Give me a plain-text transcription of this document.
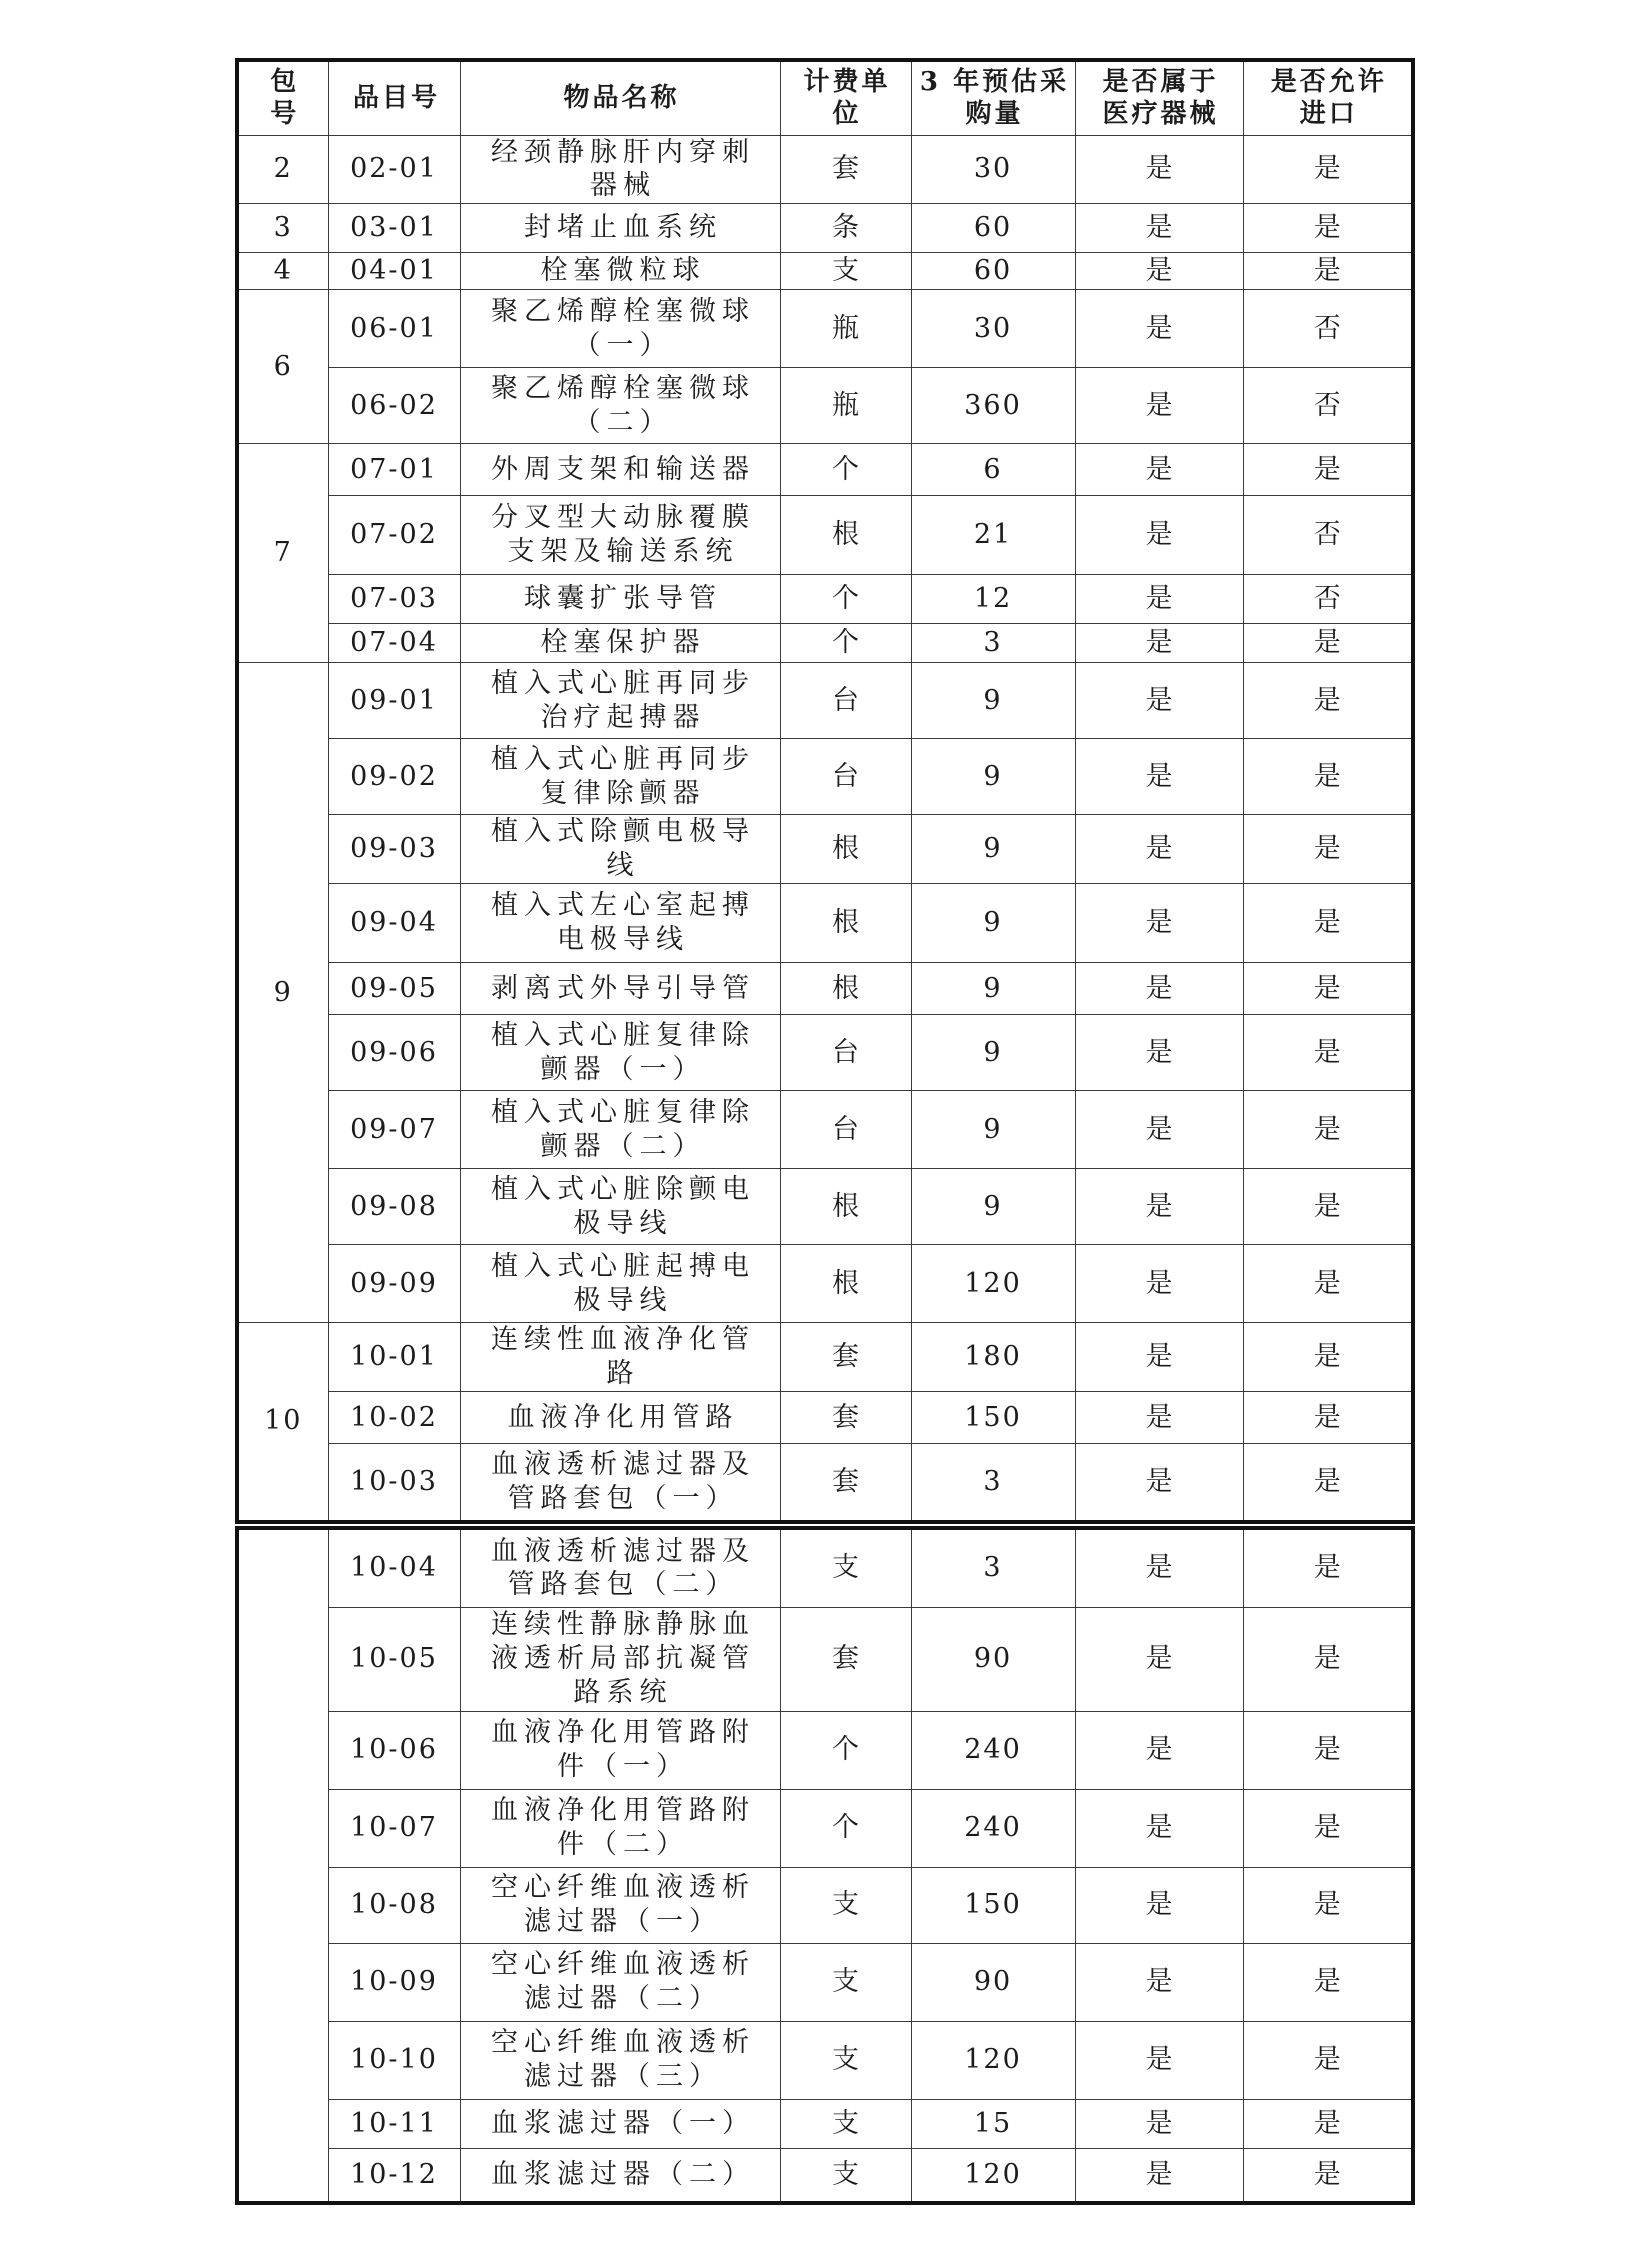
包号	品目号	物品名称	计费单位	3 年预估采购量	是否属于医疗器械	是否允许进口

2	02-01	经颈静脉肝内穿刺器械	套	30	是	是
3	03-01	封堵止血系统	条	60	是	是
4	04-01	栓塞微粒球	支	60	是	是
6	06-01	聚乙烯醇栓塞微球（一）	瓶	30	是	否
	06-02	聚乙烯醇栓塞微球（二）	瓶	360	是	否
7	07-01	外周支架和输送器	个	6	是	是
	07-02	分叉型大动脉覆膜支架及输送系统	根	21	是	否
	07-03	球囊扩张导管	个	12	是	否
	07-04	栓塞保护器	个	3	是	是
9	09-01	植入式心脏再同步治疗起搏器	台	9	是	是
	09-02	植入式心脏再同步复律除颤器	台	9	是	是
	09-03	植入式除颤电极导线	根	9	是	是
	09-04	植入式左心室起搏电极导线	根	9	是	是
	09-05	剥离式外导引导管	根	9	是	是
	09-06	植入式心脏复律除颤器（一）	台	9	是	是
	09-07	植入式心脏复律除颤器（二）	台	9	是	是
	09-08	植入式心脏除颤电极导线	根	9	是	是
	09-09	植入式心脏起搏电极导线	根	120	是	是
10	10-01	连续性血液净化管路	套	180	是	是
	10-02	血液净化用管路	套	150	是	是
	10-03	血液透析滤过器及管路套包（一）	套	3	是	是
	10-04	血液透析滤过器及管路套包（二）	支	3	是	是
	10-05	连续性静脉静脉血液透析局部抗凝管路系统	套	90	是	是
	10-06	血液净化用管路附件（一）	个	240	是	是
	10-07	血液净化用管路附件（二）	个	240	是	是
	10-08	空心纤维血液透析滤过器（一）	支	150	是	是
	10-09	空心纤维血液透析滤过器（二）	支	90	是	是
	10-10	空心纤维血液透析滤过器（三）	支	120	是	是
	10-11	血浆滤过器（一）	支	15	是	是
	10-12	血浆滤过器（二）	支	120	是	是
